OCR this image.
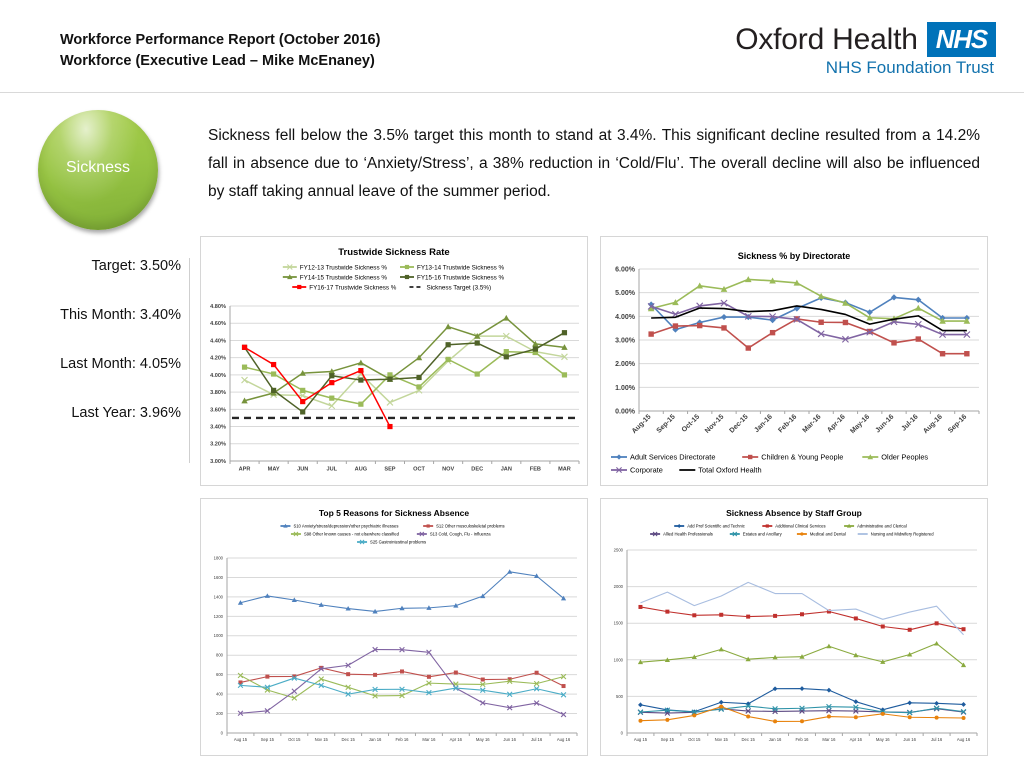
Workforce Performance Report (October 2016)
Workforce (Executive Lead – Mike McEnaney)
Oxford Health NHS
NHS Foundation Trust
Sickness
Sickness fell below the 3.5% target this month to stand at 3.4%. This significant decline resulted from a 14.2% fall in absence due to ‘Anxiety/Stress’, a 38% reduction in ‘Cold/Flu’. The overall decline will also be influenced by staff taking annual leave of the summer period.
Target: 3.50%
This Month: 3.40%
Last Month: 4.05%
Last Year: 3.96%
Trustwide Sickness Rate
3.00%
3.20%
3.40%
3.60%
3.80%
4.00%
4.20%
4.40%
4.60%
4.80%
APR	MAY	JUN	JUL	AUG	SEP	OCT	NOV	DEC	JAN	FEB	MAR
FY12-13 Trustwide Sickness %	FY13-14 Trustwide Sickness %
FY14-15 Trustwide Sickness %	FY15-16 Trustwide Sickness %
FY16-17 Trustwide Sickness %	Sickness Target (3.5%)
Sickness % by Directorate
0.00%
1.00%
2.00%
3.00%
4.00%
5.00%
6.00%
Aug-15 Sep-15 Oct-15 Nov-15 Dec-15 Jan-16 Feb-16 Mar-16 Apr-16 May-16 Jun-16 Jul-16 Aug-16 Sep-16
Adult Services Directorate	Children & Young People	Older Peoples
Corporate	Total Oxford Health
Top 5 Reasons for Sickness Absence
0
200
400
600
800
1000
1200
1400
1600
1800
Aug 15	Sep 15	Oct 15	Nov 15	Dec 15	Jan 16	Feb 16	Mar 16	Apr 16	May 16	Jun 16	Jul 16	Aug 16
S10 Anxiety/stress/depression/other psychiatric illnesses	S12 Other musculoskeletal problems
S98 Other known causes - not elsewhere classified	S13 Cold, Cough, Flu - Influenza
S25 Gastrointestinal problems
Sickness Absence by Staff Group
0
500
1000
1500
2000
2500
Aug 15	Sep 15	Oct 15	Nov 15	Dec 15	Jan 16	Feb 16	Mar 16	Apr 16	May 16	Jun 16	Jul 16	Aug 16
Add Prof Scientific and Technic	Additional Clinical Services	Administrative and Clerical
Allied Health Professionals	Estates and Ancillary	Medical and Dental	Nursing and Midwifery Registered
